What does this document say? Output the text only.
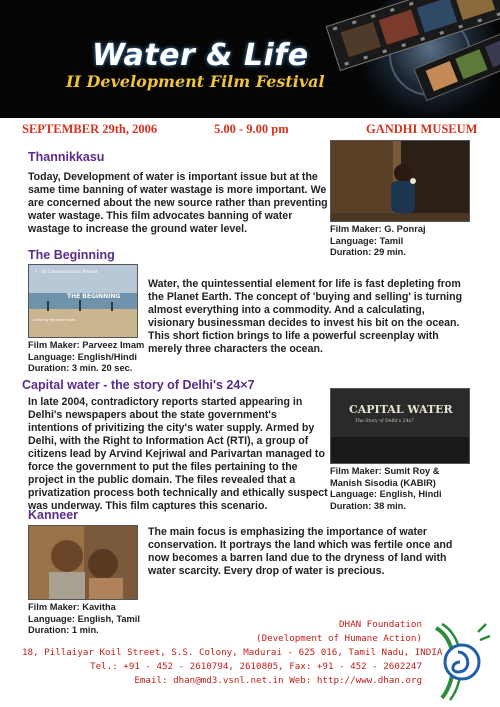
Water & Life
II Development Film Festival
SEPTEMBER 29th, 2006	5.00 - 9.00 pm	GANDHI MUSEUM
Thannikkasu
Today, Development of water is important issue but at the same time banning of water wastage is more important. We are concerned about the new source rather than preventing water wastage. This film advocates banning of water wastage to increase the ground water level.	Film Maker: G. Ponraj
Language: Tamil
Duration: 29 min.
The Beginning
F - 20 Communications Present
THE BEGINNING
a film by Parveez Imam
Film Maker: Parveez Imam
Language: English/Hindi
Duration: 3 min. 20 sec.
Water, the quintessential element for life is fast depleting from the Planet Earth. The concept of 'buying and selling' is turning almost everything into a commodity. And a calculating, visionary businessman decides to invest his bit on the ocean. This short fiction brings to life a powerful screenplay with merely three characters the ocean.
Capital water - the story of Delhi's 24×7
In late 2004, contradictory reports started appearing in Delhi's newspapers about the state government's intentions of privitizing the city's water supply. Armed by Delhi, with the Right to Information Act (RTI), a group of citizens lead by Arvind Kejriwal and Parivartan managed to force the government to put the files pertaining to the project in the public domain. The files revealed that a privatization process both technically and ethically suspect was underway. This film captures this scenario.
CAPITAL WATER
The Story of Delhi's 24x7
Film Maker: Sumit Roy &
Manish Sisodia (KABIR)
Language: English, Hindi
Duration: 38 min.
Kanneer
Film Maker: Kavitha
Language: English, Tamil
Duration: 1 min.
The main focus is emphasizing the importance of water conservation. It portrays the land which was fertile once and now becomes a barren land due to the dryness of land with water scarcity. Every drop of water is precious.
DHAN Foundation
(Development of Humane Action)
18, Pillaiyar Koil Street, S.S. Colony, Madurai - 625 016, Tamil Nadu, INDIA
Tel.: +91 - 452 - 2610794, 2610805, Fax: +91 - 452 - 2602247
Email: dhan@md3.vsnl.net.in Web: http://www.dhan.org
